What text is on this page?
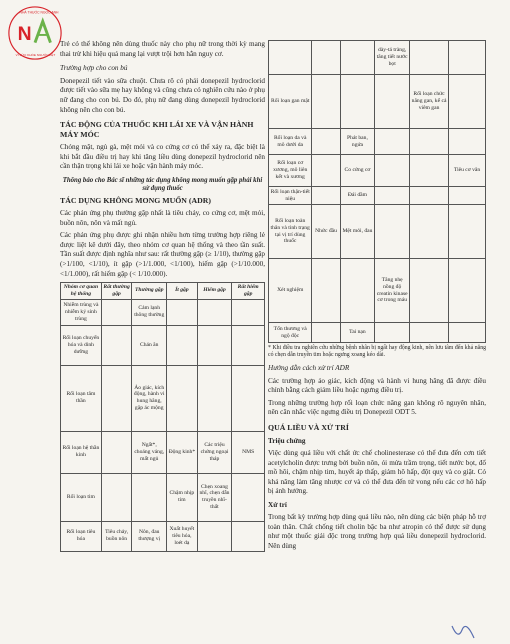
N
NHÀ THUỐC NGỌC ANH
VÌ SỨC KHỎE NGƯỜI VIỆT

Trẻ có thể không nên dùng thuốc này cho phụ nữ trong thời kỳ mang thai trừ khi hiệu quả mang lại vượt trội hơn hẳn nguy cơ.

Trường hợp cho con bú

Donepezil tiết vào sữa chuột. Chưa rõ có phải donepezil hydroclorid được tiết vào sữa mẹ hay không và cũng chưa có nghiên cứu nào ở phụ nữ đang cho con bú. Do đó, phụ nữ đang dùng donepezil hydroclorid không nên cho con bú.

TÁC ĐỘNG CỦA THUỐC KHI LÁI XE VÀ VẬN HÀNH MÁY MÓC

Chóng mặt, ngủ gà, mệt mỏi và co cứng cơ có thể xảy ra, đặc biệt là khi bắt đầu điều trị hay khi tăng liều dùng donepezil hydroclorid nên cần thận trọng khi lái xe hoặc vận hành máy móc.

Thông báo cho Bác sĩ những tác dụng không mong muốn gặp phải khi sử dụng thuốc
TÁC DỤNG KHÔNG MONG MUỐN (ADR)

Các phản ứng phụ thường gặp nhất là tiêu chảy, co cứng cơ, mệt mỏi, buồn nôn, nôn và mất ngủ.

Các phản ứng phụ được ghi nhận nhiều hơn từng trường hợp riêng lẻ được liệt kê dưới đây, theo nhóm cơ quan hệ thống và theo tần suất. Tần suất được định nghĩa như sau: rất thường gặp (≥ 1/10), thường gặp (>1/100, <1/10), ít gặp (>1/1.000, <1/100), hiếm gặp (>1/10.000, <1/1.000), rất hiếm gặp (< 1/10.000).

Nhóm cơ quan hệ thống	Rất thường gặp	Thường gặp	Ít gặp	Hiếm gặp	Rất hiếm gặp
Nhiễm trùng và nhiễm ký sinh trùng		Cảm lạnh thông thường			
Rối loạn chuyển hóa và dinh dưỡng		Chán ăn			
Rối loạn tâm thần		Ảo giác, kích động, hành vi hung hăng, gặp ác mộng			
Rối loạn hệ thần kinh		Ngất*, choáng váng, mất ngủ	Động kinh*	Các triệu chứng ngoại tháp	NMS
Rối loạn tim			Chậm nhịp tim	Chẹn xoang nhĩ, chẹn dẫn truyền nhĩ-thất	
Rối loạn tiêu hóa	Tiêu chảy, buồn nôn	Nôn, đau thượng vị	Xuất huyết tiêu hóa, loét dạ		
			dày-tá tràng, tăng tiết nước bọt		
Rối loạn gan mật				Rối loạn chức năng gan, kể cả viêm gan	
Rối loạn da và mô dưới da		Phát ban, ngứa			
Rối loạn cơ xương, mô liên kết và xương		Co cứng cơ			Tiêu cơ vân
Rối loạn thận-tiết niệu		Đái dầm			
Rối loạn toàn thân và tình trạng tại vị trí dùng thuốc	Nhức đầu	Mệt mỏi, đau			
Xét nghiệm			Tăng nhẹ nồng độ creatin kinase cơ trong máu		
Tổn thương và ngộ độc		Tai nạn			

* Khi điều tra nghiên cứu những bệnh nhân bị ngất hay động kinh, nên lưu tâm đến khả năng có chẹn dẫn truyền tim hoặc ngưng xoang kéo dài.

Hướng dẫn cách xử trí ADR

Các trường hợp ảo giác, kích động và hành vi hung hăng đã được điều chỉnh bằng cách giảm liều hoặc ngưng điều trị.

Trong những trường hợp rối loạn chức năng gan không rõ nguyên nhân, nên cân nhắc việc ngưng điều trị Donepezil ODT 5.

QUÁ LIỀU VÀ XỬ TRÍ
Triệu chứng

Việc dùng quá liều với chất ức chế cholinesterase có thể đưa đến cơn tiết acetylcholin được trưng bởi buồn nôn, ói mửa trầm trọng, tiết nước bọt, đổ mồ hôi, chậm nhịp tim, huyết áp thấp, giảm hô hấp, đột quỵ và co giật. Có khả năng làm tăng nhược cơ và có thể đưa đến tử vong nếu các cơ hô hấp bị ảnh hưởng.

Xử trí

Trong bất kỳ trường hợp dùng quá liều nào, nên dùng các biện pháp hỗ trợ toàn thân. Chất chống tiết cholin bậc ba như atropin có thể được sử dụng như một thuốc giải độc trong trường hợp quá liều donepezil hydroclorid. Nên dùng
